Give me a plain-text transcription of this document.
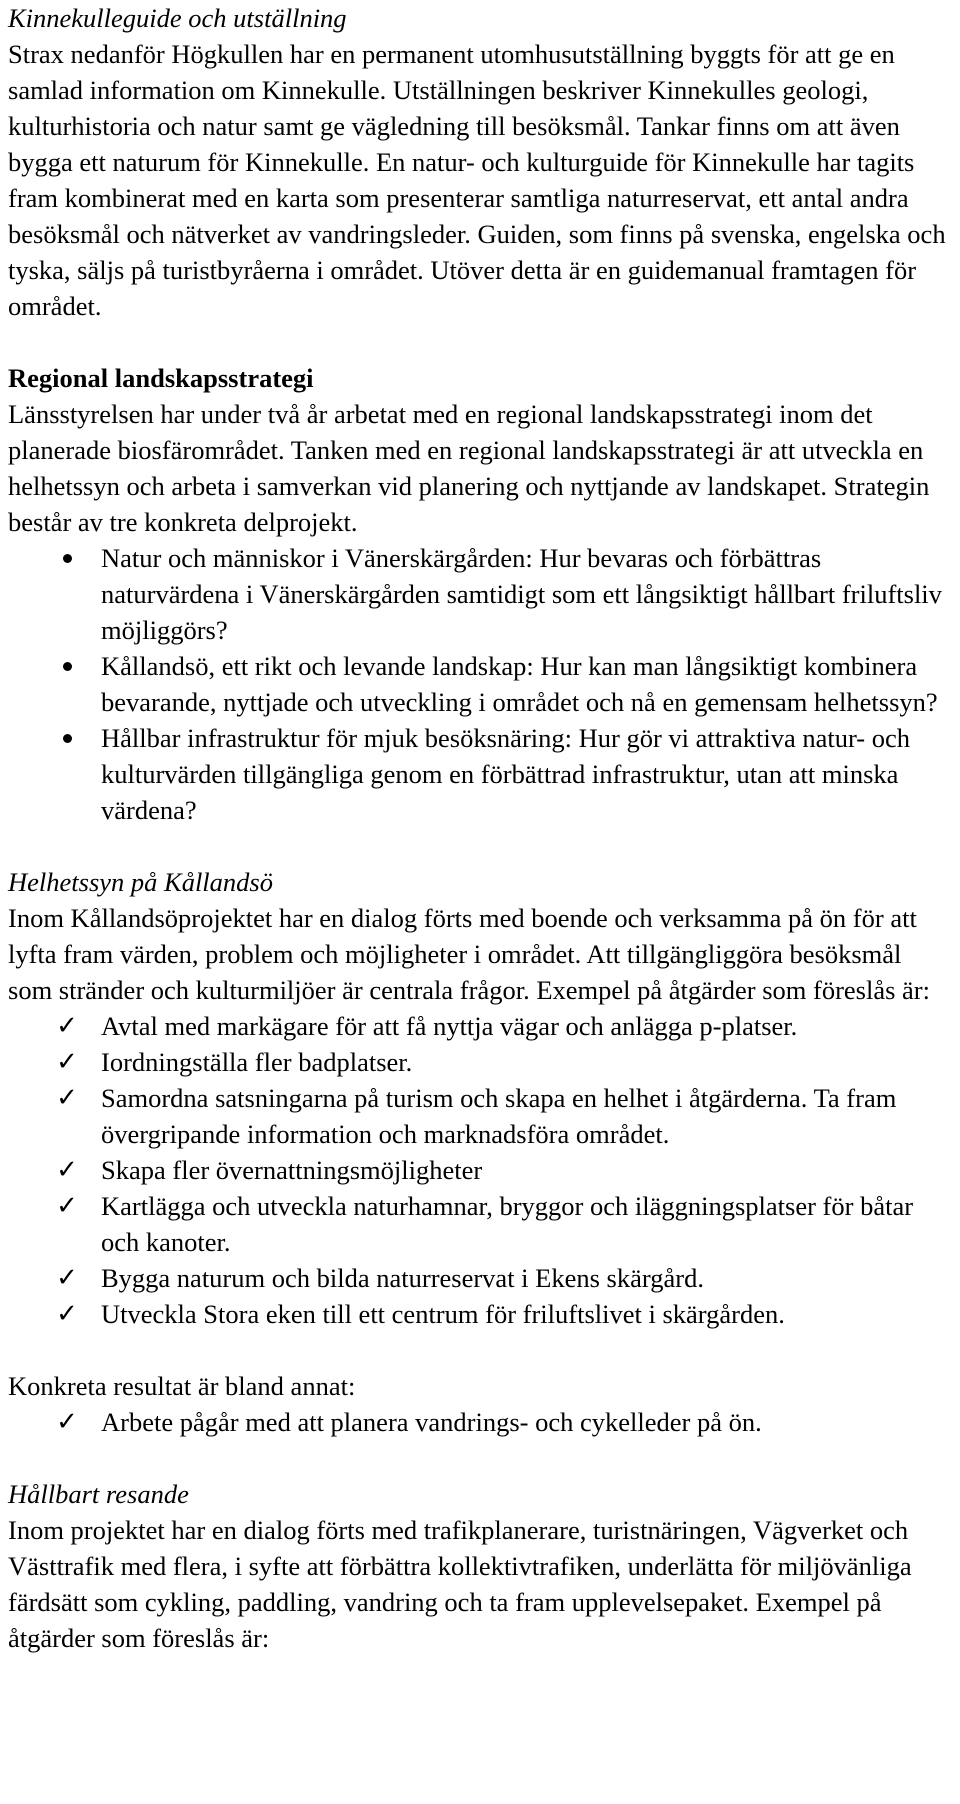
Kinnekulleguide och utställning

Strax nedanför Högkullen har en permanent utomhusutställning byggts för att ge en samlad information om Kinnekulle. Utställningen beskriver Kinnekulles geologi, kulturhistoria och natur samt ge vägledning till besöksmål. Tankar finns om att även bygga ett naturum för Kinnekulle. En natur- och kulturguide för Kinnekulle har tagits fram kombinerat med en karta som presenterar samtliga naturreservat, ett antal andra besöksmål och nätverket av vandringsleder. Guiden, som finns på svenska, engelska och tyska, säljs på turistbyråerna i området. Utöver detta är en guidemanual framtagen för området.

Regional landskapsstrategi

Länsstyrelsen har under två år arbetat med en regional landskapsstrategi inom det planerade biosfärområdet. Tanken med en regional landskapsstrategi är att utveckla en helhetssyn och arbeta i samverkan vid planering och nyttjande av landskapet. Strategin består av tre konkreta delprojekt.

Natur och människor i Vänerskärgården: Hur bevaras och förbättras naturvärdena i Vänerskärgården samtidigt som ett långsiktigt hållbart friluftsliv möjliggörs?
Kållandsö, ett rikt och levande landskap: Hur kan man långsiktigt kombinera bevarande, nyttjade och utveckling i området och nå en gemensam helhetssyn?
Hållbar infrastruktur för mjuk besöksnäring: Hur gör vi attraktiva natur- och kulturvärden tillgängliga genom en förbättrad infrastruktur, utan att minska värdena?
Helhetssyn på Kållandsö

Inom Kållandsöprojektet har en dialog förts med boende och verksamma på ön för att lyfta fram värden, problem och möjligheter i området. Att tillgängliggöra besöksmål som stränder och kulturmiljöer är centrala frågor. Exempel på åtgärder som föreslås är:

✓ Avtal med markägare för att få nyttja vägar och anlägga p-platser.
✓ Iordningställa fler badplatser.
✓ Samordna satsningarna på turism och skapa en helhet i åtgärderna. Ta fram övergripande information och marknadsföra området.
✓ Skapa fler övernattningsmöjligheter
✓ Kartlägga och utveckla naturhamnar, bryggor och iläggningsplatser för båtar och kanoter.
✓ Bygga naturum och bilda naturreservat i Ekens skärgård.
✓ Utveckla Stora eken till ett centrum för friluftslivet i skärgården.

Konkreta resultat är bland annat:

✓ Arbete pågår med att planera vandrings- och cykelleder på ön.
Hållbart resande

Inom projektet har en dialog förts med trafikplanerare, turistnäringen, Vägverket och Västtrafik med flera, i syfte att förbättra kollektivtrafiken, underlätta för miljövänliga färdsätt som cykling, paddling, vandring och ta fram upplevelsepaket. Exempel på åtgärder som föreslås är:
